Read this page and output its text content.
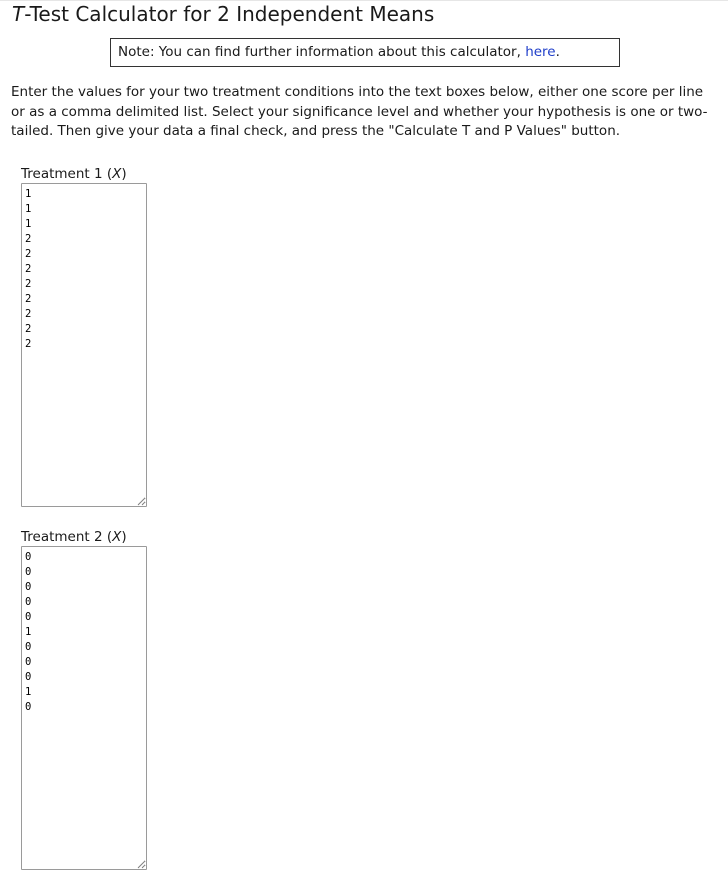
T-Test Calculator for 2 Independent Means
Note: You can find further information about this calculator, here.

Enter the values for your two treatment conditions into the text boxes below, either one score per line or as a comma delimited list. Select your significance level and whether your hypothesis is one or two-tailed. Then give your data a final check, and press the "Calculate T and P Values" button.

Treatment 1 (X)
1 1 1 2 2 2 2 2 2 2 2
Treatment 2 (X)
0 0 0 0 0 1 0 0 0 1 0
